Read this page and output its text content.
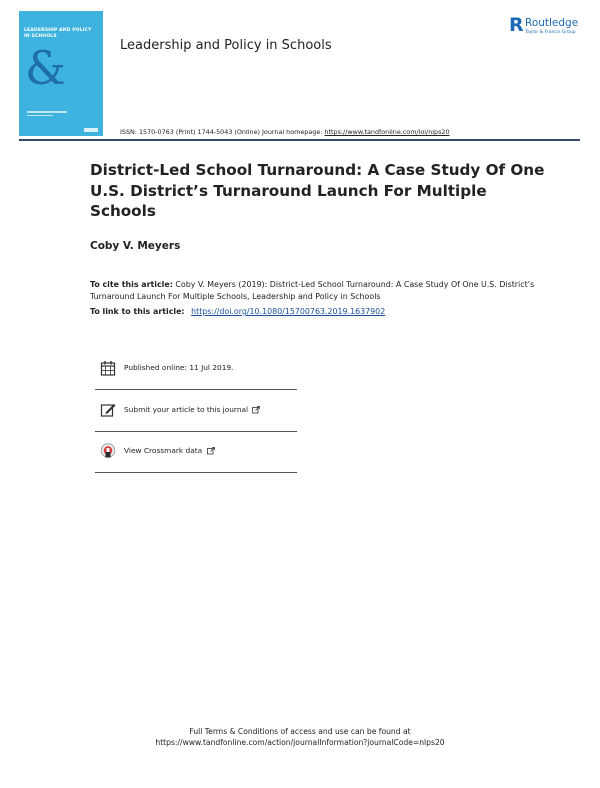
LEADERSHIP AND POLICY
IN SCHOOLS
&
R Routledge
Taylor & Francis Group
Leadership and Policy in Schools
ISSN: 1570-0763 (Print) 1744-5043 (Online) Journal homepage: https://www.tandfonline.com/loi/nlps20
District-Led School Turnaround: A Case Study Of One U.S. District’s Turnaround Launch For Multiple Schools

Coby V. Meyers

To cite this article: Coby V. Meyers (2019): District-Led School Turnaround: A Case Study Of One U.S. District’s Turnaround Launch For Multiple Schools, Leadership and Policy in Schools

To link to this article: https://doi.org/10.1080/15700763.2019.1637902

Published online: 11 Jul 2019.
Submit your article to this journal
View Crossmark data
Full Terms & Conditions of access and use can be found at
https://www.tandfonline.com/action/journalInformation?journalCode=nlps20
